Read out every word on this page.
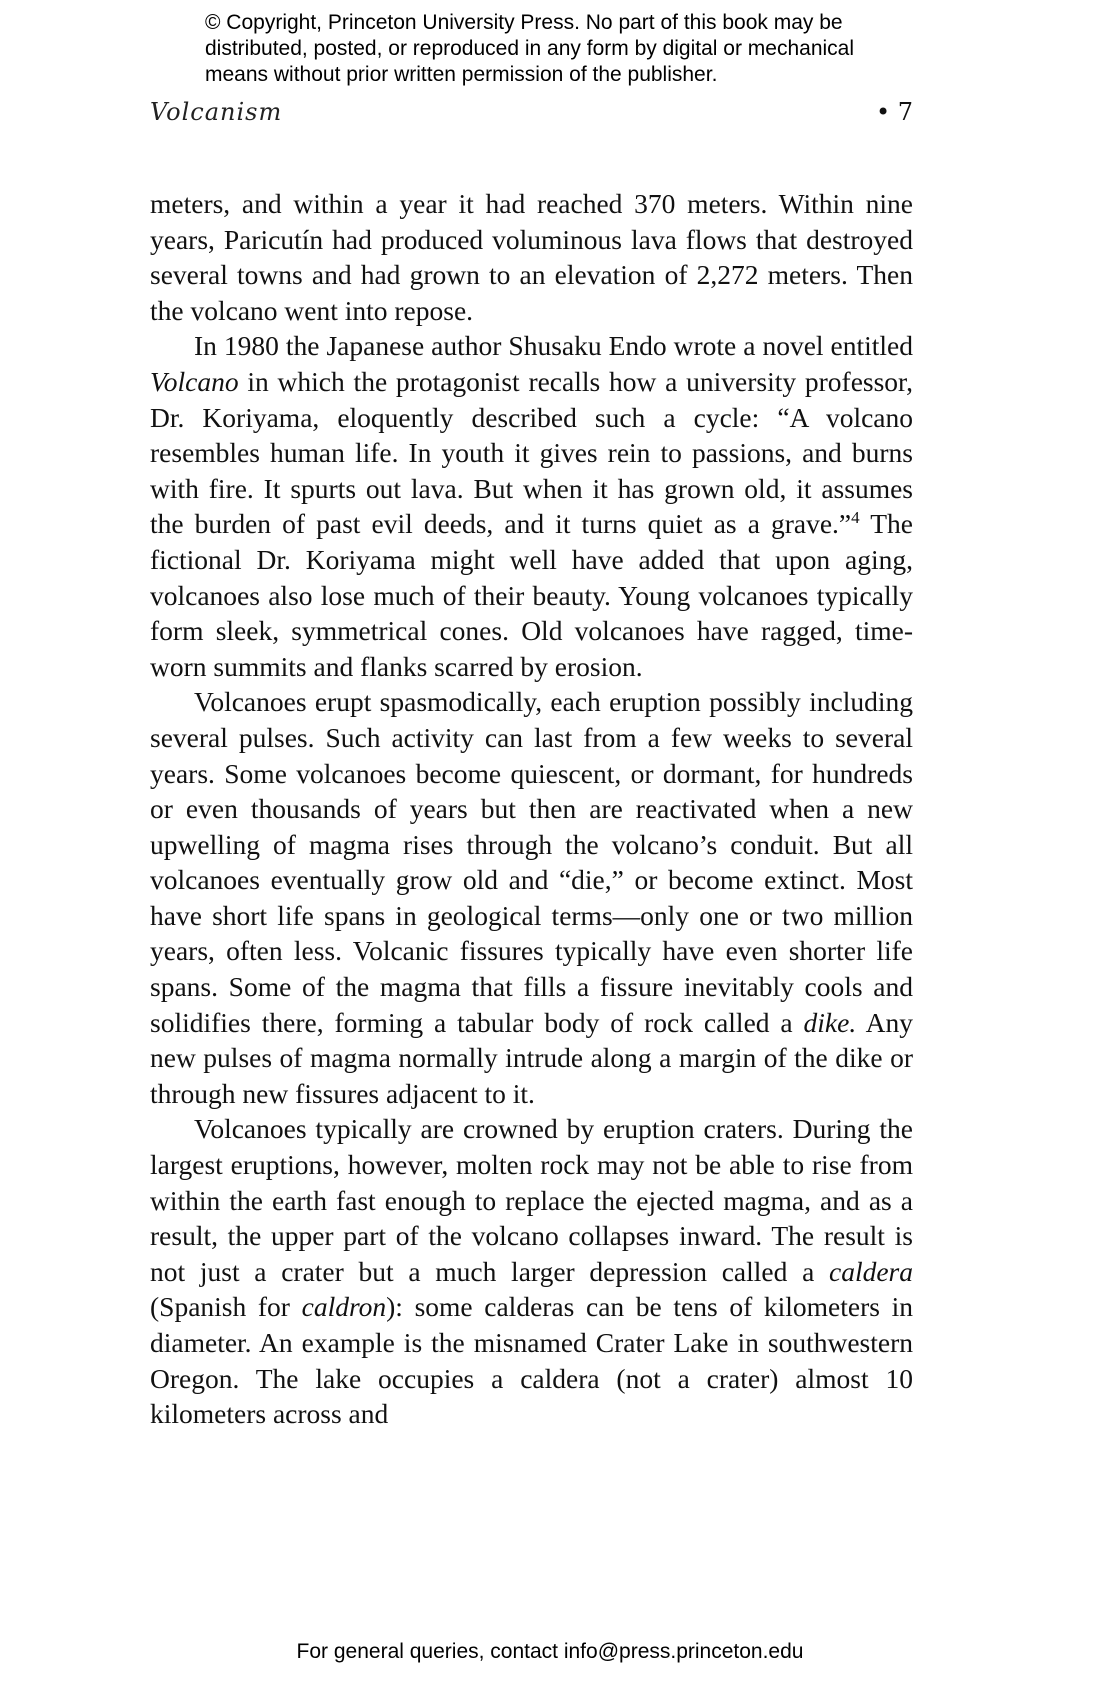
© Copyright, Princeton University Press. No part of this book may be
distributed, posted, or reproduced in any form by digital or mechanical
means without prior written permission of the publisher.
Volcanism	• 7

meters, and within a year it had reached 370 meters. Within nine years, Paricutín had produced voluminous lava flows that destroyed several towns and had grown to an elevation of 2,272 meters. Then the volcano went into repose.

In 1980 the Japanese author Shusaku Endo wrote a novel entitled Volcano in which the protagonist recalls how a university professor, Dr. Koriyama, eloquently described such a cycle: “A volcano resembles human life. In youth it gives rein to passions, and burns with fire. It spurts out lava. But when it has grown old, it assumes the burden of past evil deeds, and it turns quiet as a grave.”$^4$ The fictional Dr. Koriyama might well have added that upon aging, volcanoes also lose much of their beauty. Young volcanoes typically form sleek, symmetrical cones. Old volcanoes have ragged, time-worn summits and flanks scarred by erosion.

Volcanoes erupt spasmodically, each eruption possibly including several pulses. Such activity can last from a few weeks to several years. Some volcanoes become quiescent, or dormant, for hundreds or even thousands of years but then are reactivated when a new upwelling of magma rises through the volcano’s conduit. But all volcanoes eventually grow old and “die,” or become extinct. Most have short life spans in geological terms—only one or two million years, often less. Volcanic fissures typically have even shorter life spans. Some of the magma that fills a fissure inevitably cools and solidifies there, forming a tabular body of rock called a dike. Any new pulses of magma normally intrude along a margin of the dike or through new fissures adjacent to it.

Volcanoes typically are crowned by eruption craters. During the largest eruptions, however, molten rock may not be able to rise from within the earth fast enough to replace the ejected magma, and as a result, the upper part of the volcano collapses inward. The result is not just a crater but a much larger depression called a caldera (Spanish for caldron): some calderas can be tens of kilometers in diameter. An example is the misnamed Crater Lake in southwestern Oregon. The lake occupies a caldera (not a crater) almost 10 kilometers across and

For general queries, contact info@press.princeton.edu
